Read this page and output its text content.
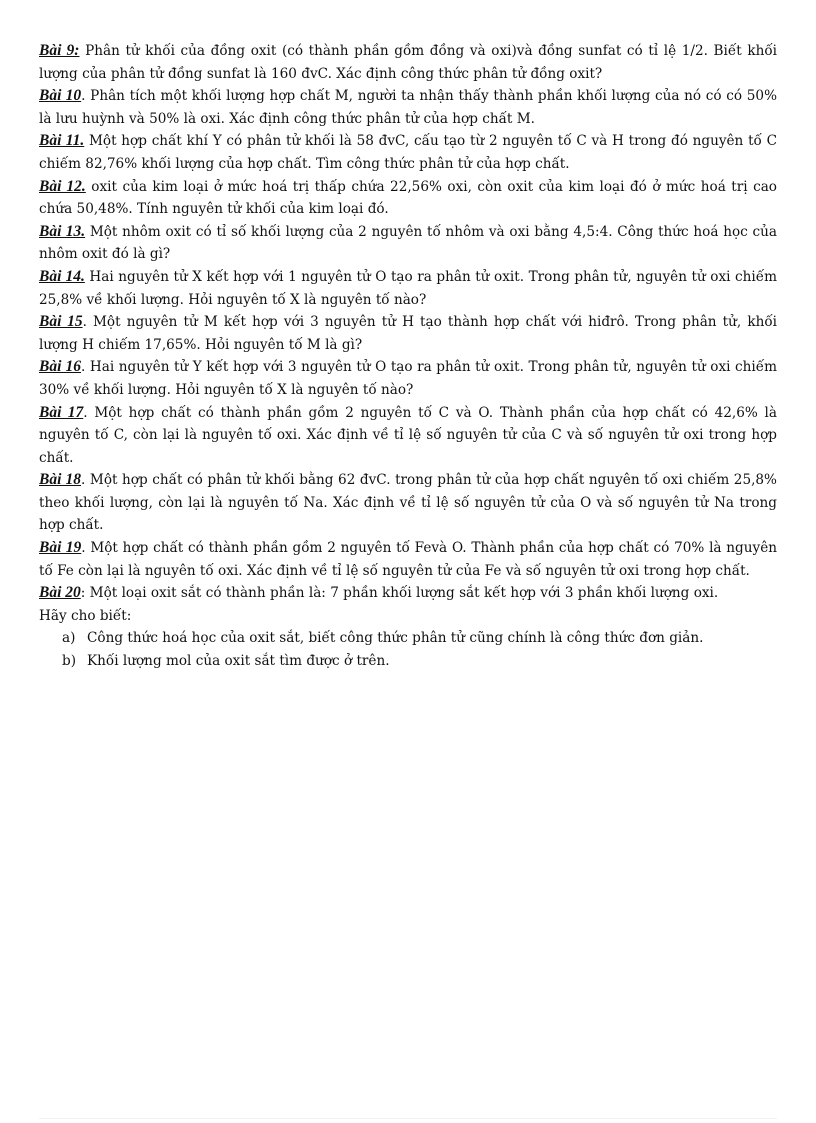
Bài 9: Phân tử khối của đồng oxit (có thành phần gồm đồng và oxi)và đồng sunfat có tỉ lệ 1/2. Biết khối lượng của phân tử đồng sunfat là 160 đvC. Xác định công thức phân tử đồng oxit?

Bài 10. Phân tích một khối lượng hợp chất M, người ta nhận thấy thành phần khối lượng của nó có có 50% là lưu huỳnh và 50% là oxi. Xác định công thức phân tử của hợp chất M.

Bài 11. Một hợp chất khí Y có phân tử khối là 58 đvC, cấu tạo từ 2 nguyên tố C và H trong đó nguyên tố C chiếm 82,76% khối lượng của hợp chất. Tìm công thức phân tử của hợp chất.

Bài 12. oxit của kim loại ở mức hoá trị thấp chứa 22,56% oxi, còn oxit của kim loại đó ở mức hoá trị cao chứa 50,48%. Tính nguyên tử khối của kim loại đó.

Bài 13. Một nhôm oxit có tỉ số khối lượng của 2 nguyên tố nhôm và oxi bằng 4,5:4. Công thức hoá học của nhôm oxit đó là gì?

Bài 14. Hai nguyên tử X kết hợp với 1 nguyên tử O tạo ra phân tử oxit. Trong phân tử, nguyên tử oxi chiếm 25,8% về khối lượng. Hỏi nguyên tố X là nguyên tố nào?

Bài 15. Một nguyên tử M kết hợp với 3 nguyên tử H tạo thành hợp chất với hiđrô. Trong phân tử, khối lượng H chiếm 17,65%. Hỏi nguyên tố M là gì?

Bài 16. Hai nguyên tử Y kết hợp với 3 nguyên tử O tạo ra phân tử oxit. Trong phân tử, nguyên tử oxi chiếm 30% về khối lượng. Hỏi nguyên tố X là nguyên tố nào?

Bài 17. Một hợp chất có thành phần gồm 2 nguyên tố C và O. Thành phần của hợp chất có 42,6% là nguyên tố C, còn lại là nguyên tố oxi. Xác định về tỉ lệ số nguyên tử của C và số nguyên tử oxi trong hợp chất.

Bài 18. Một hợp chất có phân tử khối bằng 62 đvC. trong phân tử của hợp chất nguyên tố oxi chiếm 25,8% theo khối lượng, còn lại là nguyên tố Na. Xác định về tỉ lệ số nguyên tử của O và số nguyên tử Na trong hợp chất.

Bài 19. Một hợp chất có thành phần gồm 2 nguyên tố Fevà O. Thành phần của hợp chất có 70% là nguyên tố Fe còn lại là nguyên tố oxi. Xác định về tỉ lệ số nguyên tử của Fe và số nguyên tử oxi trong hợp chất.

Bài 20: Một loại oxit sắt có thành phần là: 7 phần khối lượng sắt kết hợp với 3 phần khối lượng oxi.

Hãy cho biết:

a) Công thức hoá học của oxit sắt, biết công thức phân tử cũng chính là công thức đơn giản.
b) Khối lượng mol của oxit sắt tìm được ở trên.
